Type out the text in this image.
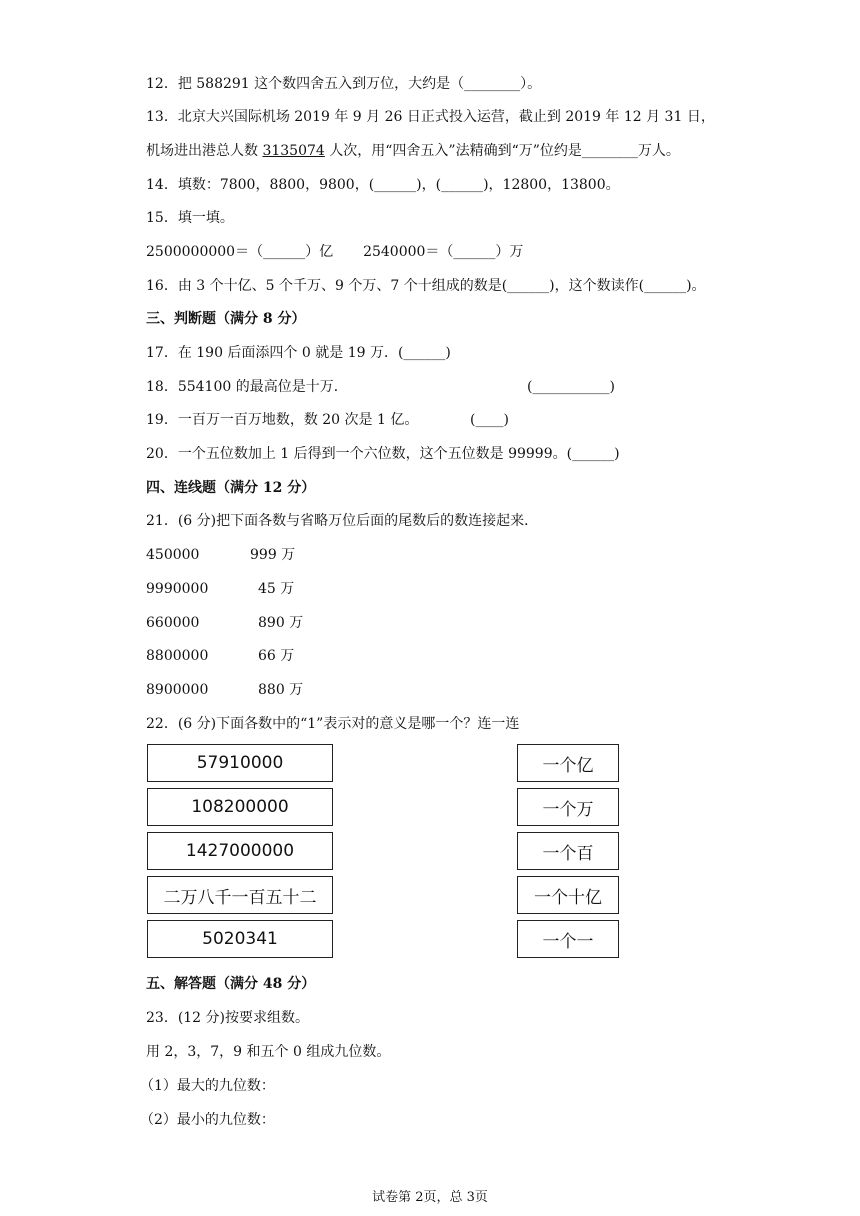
12．把 588291 这个数四舍五入到万位，大约是（________）。
13．北京大兴国际机场 2019 年 9 月 26 日正式投入运营，截止到 2019 年 12 月 31 日，
机场进出港总人数 3135074 人次，用“四舍五入”法精确到“万”位约是________万人。
14．填数：7800，8800，9800，(______)，(______)，12800，13800。
15．填一填。
2500000000＝（______）亿 2540000＝（______）万
16．由 3 个十亿、5 个千万、9 个万、7 个十组成的数是(______)，这个数读作(______)。
三、判断题（满分 8 分）
17．在 190 后面添四个 0 就是 19 万．(______)
18．554100 的最高位是十万．	(___________)
19．一百万一百万地数，数 20 次是 1 亿。	(____)
20．一个五位数加上 1 后得到一个六位数，这个五位数是 99999。(______)
四、连线题（满分 12 分）
21．(6 分)把下面各数与省略万位后面的尾数后的数连接起来．
450000	999 万
9990000	45 万
660000	890 万
8800000	66 万
8900000	880 万
22．(6 分)下面各数中的“1”表示对的意义是哪一个？连一连
57910000
108200000
1427000000
二万八千一百五十二
5020341
一个亿
一个万
一个百
一个十亿
一个一
五、解答题（满分 48 分）
23．(12 分)按要求组数。
用 2，3，7，9 和五个 0 组成九位数。
（1）最大的九位数：
（2）最小的九位数：
试卷第 2页，总 3页
